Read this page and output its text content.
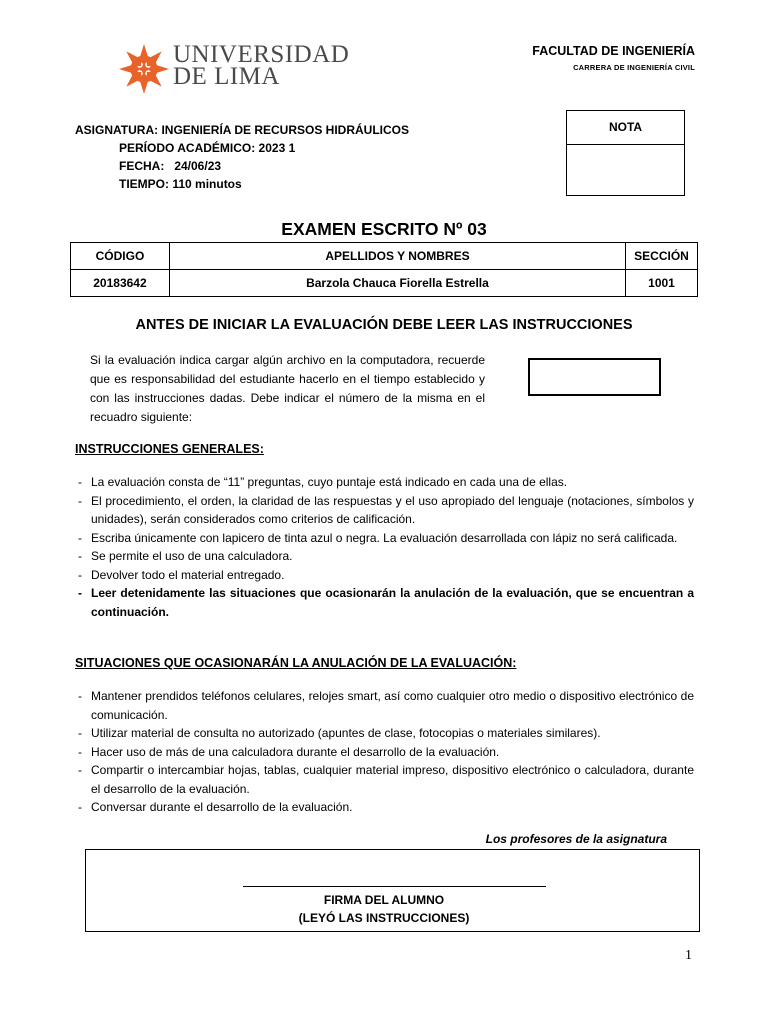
UNIVERSIDAD
DE LIMA
FACULTAD DE INGENIERÍA
CARRERA DE INGENIERÍA CIVIL
ASIGNATURA: INGENIERÍA DE RECURSOS HIDRÁULICOS
PERÍODO ACADÉMICO: 2023 1
FECHA:   24/06/23
TIEMPO: 110 minutos
NOTA
EXAMEN ESCRITO Nº 03
CÓDIGO	APELLIDOS Y NOMBRES	SECCIÓN
20183642	Barzola Chauca Fiorella Estrella	1001
ANTES DE INICIAR LA EVALUACIÓN DEBE LEER LAS INSTRUCCIONES
Si la evaluación indica cargar algún archivo en la computadora, recuerde que es responsabilidad del estudiante hacerlo en el tiempo establecido y con las instrucciones dadas. Debe indicar el número de la misma en el recuadro siguiente:
INSTRUCCIONES GENERALES:
- La evaluación consta de “11” preguntas, cuyo puntaje está indicado en cada una de ellas.
- El procedimiento, el orden, la claridad de las respuestas y el uso apropiado del lenguaje (notaciones, símbolos y unidades), serán considerados como criterios de calificación.
- Escriba únicamente con lapicero de tinta azul o negra. La evaluación desarrollada con lápiz no será calificada.
- Se permite el uso de una calculadora.
- Devolver todo el material entregado.
- Leer detenidamente las situaciones que ocasionarán la anulación de la evaluación, que se encuentran a continuación.
SITUACIONES QUE OCASIONARÁN LA ANULACIÓN DE LA EVALUACIÓN:
- Mantener prendidos teléfonos celulares, relojes smart, así como cualquier otro medio o dispositivo electrónico de comunicación.
- Utilizar material de consulta no autorizado (apuntes de clase, fotocopias o materiales similares).
- Hacer uso de más de una calculadora durante el desarrollo de la evaluación.
- Compartir o intercambiar hojas, tablas, cualquier material impreso, dispositivo electrónico o calculadora, durante el desarrollo de la evaluación.
- Conversar durante el desarrollo de la evaluación.
Los profesores de la asignatura
FIRMA DEL ALUMNO
(LEYÓ LAS INSTRUCCIONES)
1
